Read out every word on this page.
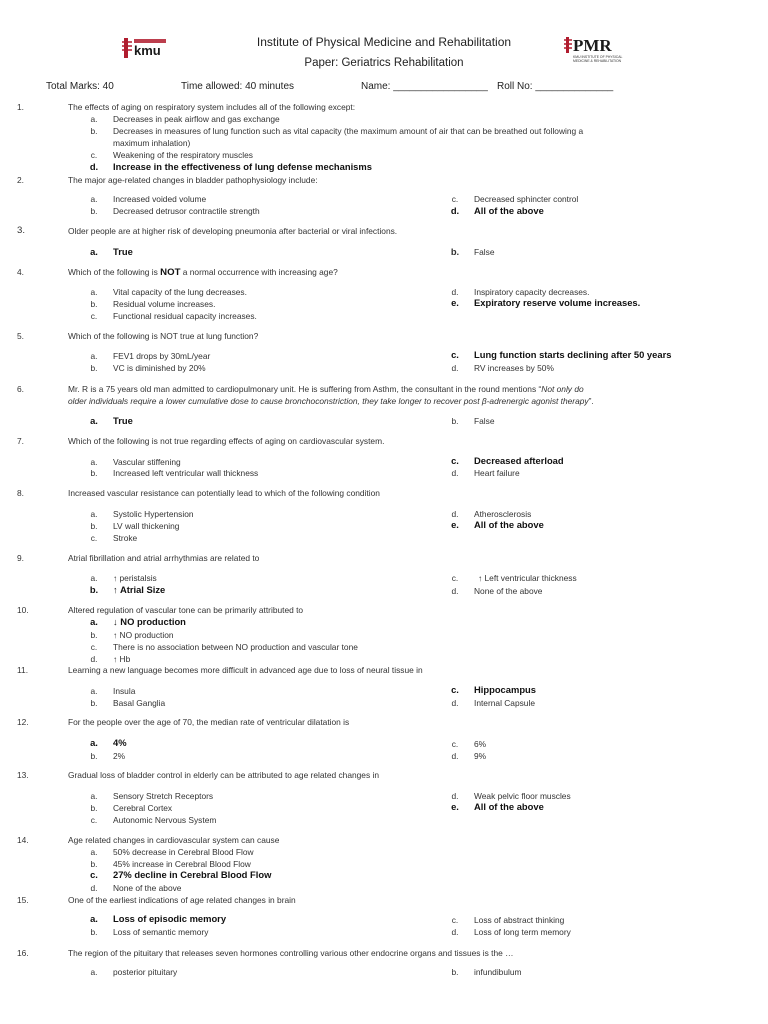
kmu
Institute of Physical Medicine and Rehabilitation
Paper: Geriatrics Rehabilitation
PMR
KMU INSTITUTE OF PHYSICAL
MEDICINE & REHABILITATION
Total Marks: 40	Time allowed: 40 minutes	Name: _________________ Roll No: ______________
1.	The effects of aging on respiratory system includes all of the following except:
a.	Decreases in peak airflow and gas exchange
b.	Decreases in measures of lung function such as vital capacity (the maximum amount of air that can be breathed out following a
maximum inhalation)
c.	Weakening of the respiratory muscles
d.	Increase in the effectiveness of lung defense mechanisms
2.	The major age-related changes in bladder pathophysiology include:
a.	Increased voided volume	c.	Decreased sphincter control
b.	Decreased detrusor contractile strength	d.	All of the above
3.	Older people are at higher risk of developing pneumonia after bacterial or viral infections.
a.	True	b.	False
4.	Which of the following is NOT a normal occurrence with increasing age?
a.	Vital capacity of the lung decreases.	d.	Inspiratory capacity decreases.
b.	Residual volume increases.	e.	Expiratory reserve volume increases.
c.	Functional residual capacity increases.
5.	Which of the following is NOT true at lung function?
a.	FEV1 drops by 30mL/year	c.	Lung function starts declining after 50 years
b.	VC is diminished by 20%	d.	RV increases by 50%
6.	Mr. R is a 75 years old man admitted to cardiopulmonary unit. He is suffering from Asthm, the consultant in the round mentions “Not only do
older individuals require a lower cumulative dose to cause bronchoconstriction, they take longer to recover post β-adrenergic agonist therapy”.
a.	True	b.	False
7.	Which of the following is not true regarding effects of aging on cardiovascular system.
a.	Vascular stiffening	c.	Decreased afterload
b.	Increased left ventricular wall thickness	d.	Heart failure
8.	Increased vascular resistance can potentially lead to which of the following condition
a.	Systolic Hypertension	d.	Atherosclerosis
b.	LV wall thickening	e.	All of the above
c.	Stroke
9.	Atrial fibrillation and atrial arrhythmias are related to
a.	↑ peristalsis	c.	↑ Left ventricular thickness
b.	↑ Atrial Size	d.	None of the above
10.	Altered regulation of vascular tone can be primarily attributed to
a.	↓ NO production
b.	↑ NO production
c.	There is no association between NO production and vascular tone
d.	↑ Hb
11.	Learning a new language becomes more difficult in advanced age due to loss of neural tissue in
a.	Insula	c.	Hippocampus
b.	Basal Ganglia	d.	Internal Capsule
12.	For the people over the age of 70, the median rate of ventricular dilatation is
a.	4%	c.	6%
b.	2%	d.	9%
13.	Gradual loss of bladder control in elderly can be attributed to age related changes in
a.	Sensory Stretch Receptors	d.	Weak pelvic floor muscles
b.	Cerebral Cortex	e.	All of the above
c.	Autonomic Nervous System
14.	Age related changes in cardiovascular system can cause
a.	50% decrease in Cerebral Blood Flow
b.	45% increase in Cerebral Blood Flow
c.	27% decline in Cerebral Blood Flow
d.	None of the above
15.	One of the earliest indications of age related changes in brain
a.	Loss of episodic memory	c.	Loss of abstract thinking
b.	Loss of semantic memory	d.	Loss of long term memory
16.	The region of the pituitary that releases seven hormones controlling various other endocrine organs and tissues is the …
a.	posterior pituitary	b.	infundibulum
